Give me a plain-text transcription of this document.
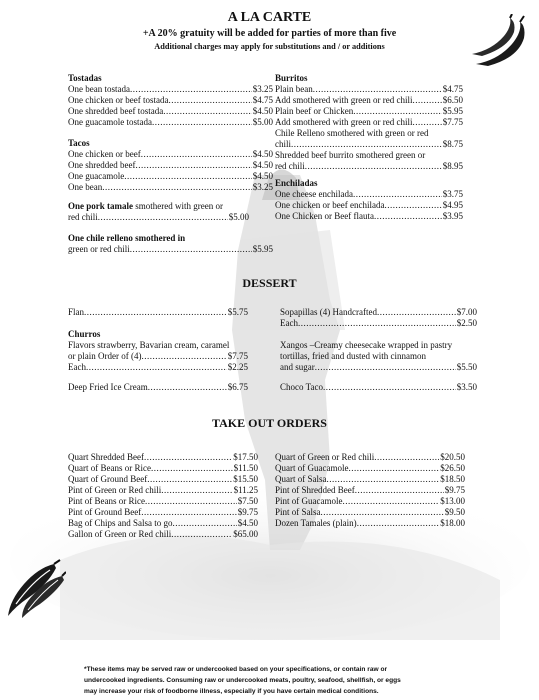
A LA CARTE
+A 20% gratuity will be added for parties of more than five
Additional charges may apply for substitutions and / or additions
Tostadas
One bean tostada .....	$3.25
One chicken or beef tostada .....	$4.75
One shredded beef tostada .....	$4.50
One guacamole tostada .....	$5.00
Tacos
One chicken or beef .....	$4.50
One shredded beef .....	$4.50
One guacamole .....	$4.50
One bean .....	$3.25
One pork tamale smothered with green or
red chili .....	$5.00
One chile relleno smothered in
green or red chili .....	$5.95
Burritos
Plain bean .....	$4.75
Add smothered with green or red chili .....	$6.50
Plain beef or Chicken .....	$5.95
Add smothered with green or red chili .....	$7.75
Chile Relleno smothered with green or red
chili .....	$8.75
Shredded beef burrito smothered green or
red chili .....	$8.95
Enchiladas
One cheese enchilada .....	$3.75
One chicken or beef enchilada .....	$4.95
One Chicken or Beef flauta .....	$3.95
DESSERT
Flan .....	$5.75
Churros
Flavors strawberry, Bavarian cream, caramel
or plain Order of (4) .....	$7.75
Each .....	$2.25
Deep Fried Ice Cream .....	$6.75
Sopapillas (4) Handcrafted .....	$7.00
Each .....	$2.50
Xangos –Creamy cheesecake wrapped in pastry
tortillas, fried and dusted with cinnamon
and sugar .....	$5.50
Choco Taco .....	$3.50
TAKE OUT ORDERS
Quart Shredded Beef .....	$17.50
Quart of Beans or Rice .....	$11.50
Quart of Ground Beef .....	$15.50
Pint of Green or Red chili .....	$11.25
Pint of Beans or Rice .....	$7.50
Pint of Ground Beef .....	$9.75
Bag of Chips and Salsa to go .....	$4.50
Gallon of Green or Red chili .....	$65.00
Quart of Green or Red chili .....	$20.50
Quart of Guacamole .....	$26.50
Quart of Salsa .....	$18.50
Pint of Shredded Beef .....	$9.75
Pint of Guacamole .....	$13.00
Pint of Salsa .....	$9.50
Dozen Tamales (plain) .....	$18.00
*These items may be served raw or undercooked based on your specifications, or contain raw or
undercooked ingredients. Consuming raw or undercooked meats, poultry, seafood, shellfish, or eggs
may increase your risk of foodborne illness, especially if you have certain medical conditions.
